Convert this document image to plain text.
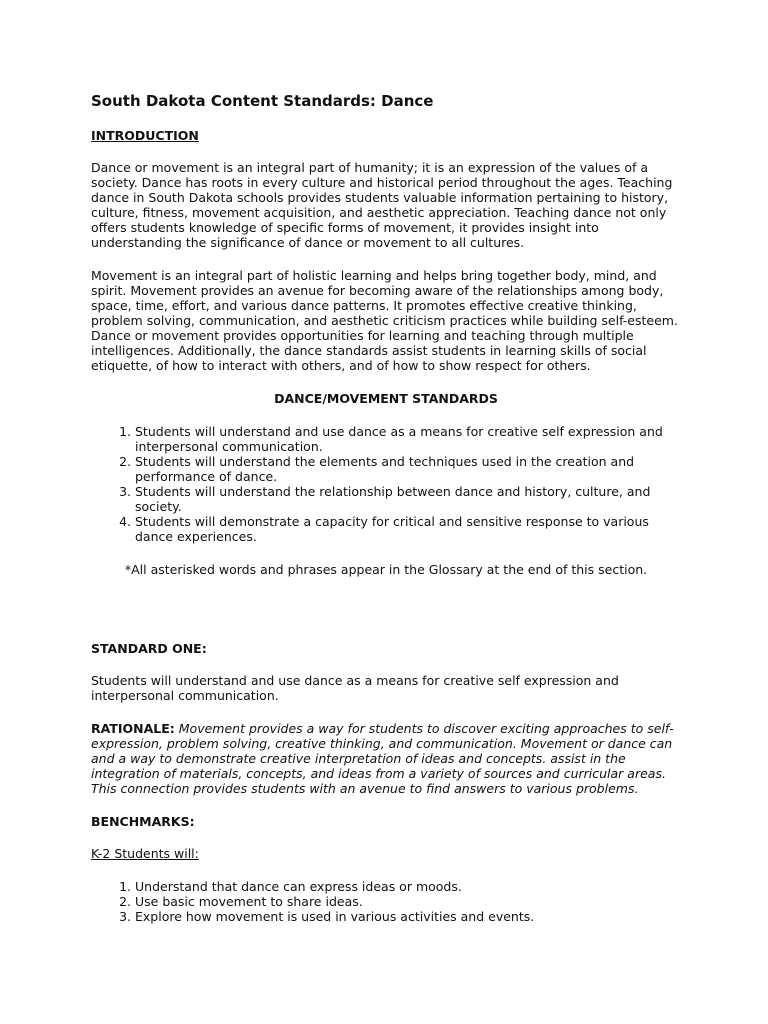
South Dakota Content Standards: Dance
INTRODUCTION

Dance or movement is an integral part of humanity; it is an expression of the values of a society. Dance has roots in every culture and historical period throughout the ages. Teaching dance in South Dakota schools provides students valuable information pertaining to history, culture, fitness, movement acquisition, and aesthetic appreciation. Teaching dance not only offers students knowledge of specific forms of movement, it provides insight into understanding the significance of dance or movement to all cultures.

Movement is an integral part of holistic learning and helps bring together body, mind, and spirit. Movement provides an avenue for becoming aware of the relationships among body, space, time, effort, and various dance patterns. It promotes effective creative thinking, problem solving, communication, and aesthetic criticism practices while building self-esteem. Dance or movement provides opportunities for learning and teaching through multiple intelligences. Additionally, the dance standards assist students in learning skills of social etiquette, of how to interact with others, and of how to show respect for others.

DANCE/MOVEMENT STANDARDS
1. Students will understand and use dance as a means for creative self expression and interpersonal communication.
2. Students will understand the elements and techniques used in the creation and performance of dance.
3. Students will understand the relationship between dance and history, culture, and society.
4. Students will demonstrate a capacity for critical and sensitive response to various dance experiences.
*All asterisked words and phrases appear in the Glossary at the end of this section.
STANDARD ONE:

Students will understand and use dance as a means for creative self expression and interpersonal communication.

RATIONALE: Movement provides a way for students to discover exciting approaches to self-expression, problem solving, creative thinking, and communication. Movement or dance can and a way to demonstrate creative interpretation of ideas and concepts. assist in the integration of materials, concepts, and ideas from a variety of sources and curricular areas. This connection provides students with an avenue to find answers to various problems.

BENCHMARKS:
K-2 Students will:
1. Understand that dance can express ideas or moods.
2. Use basic movement to share ideas.
3. Explore how movement is used in various activities and events.
